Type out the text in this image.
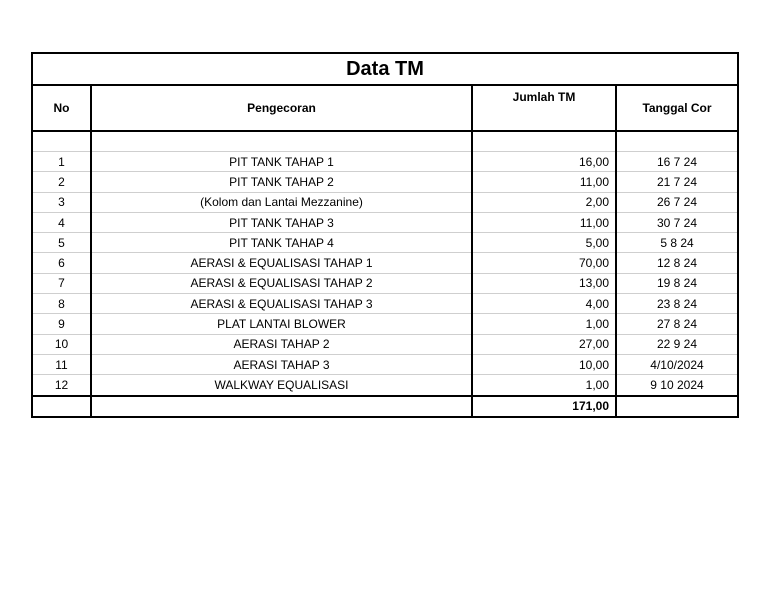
Data TM
No	Pengecoran	Jumlah TM	Tanggal Cor

1	PIT TANK TAHAP 1	16,00	16 7 24
2	PIT TANK TAHAP 2	11,00	21 7 24
3	(Kolom dan Lantai Mezzanine)	2,00	26 7 24
4	PIT TANK TAHAP 3	11,00	30 7 24
5	PIT TANK TAHAP 4	5,00	5 8 24
6	AERASI & EQUALISASI TAHAP 1	70,00	12 8 24
7	AERASI & EQUALISASI TAHAP 2	13,00	19 8 24
8	AERASI & EQUALISASI TAHAP 3	4,00	23 8 24
9	PLAT LANTAI BLOWER	1,00	27 8 24
10	AERASI TAHAP 2	27,00	22 9 24
11	AERASI TAHAP 3	10,00	4/10/2024
12	WALKWAY EQUALISASI	1,00	9 10 2024
		171,00	
